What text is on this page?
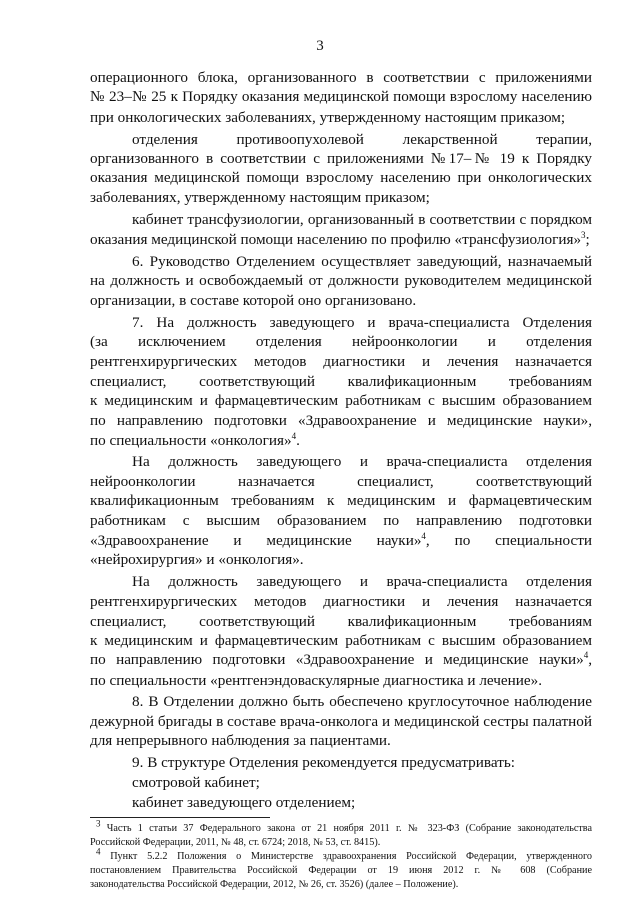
3
операционного блока, организованного в соответствии с приложениями
№ 23–№ 25 к Порядку оказания медицинской помощи взрослому населению
при онкологических заболеваниях, утвержденному настоящим приказом;
отделения противоопухолевой лекарственной терапии,
организованного в соответствии с приложениями №17–№ 19 к Порядку
оказания медицинской помощи взрослому населению при онкологических
заболеваниях, утвержденному настоящим приказом;
кабинет трансфузиологии, организованный в соответствии с порядком
оказания медицинской помощи населению по профилю «трансфузиология»$^3$;
6. Руководство Отделением осуществляет заведующий, назначаемый
на должность и освобождаемый от должности руководителем медицинской
организации, в составе которой оно организовано.
7. На должность заведующего и врача-специалиста Отделения
(за исключением отделения нейроонкологии и отделения
рентгенхирургических методов диагностики и лечения назначается
специалист, соответствующий квалификационным требованиям
к медицинским и фармацевтическим работникам с высшим образованием
по направлению подготовки «Здравоохранение и медицинские науки»,
по специальности «онкология»$^4$.
На должность заведующего и врача-специалиста отделения
нейроонкологии назначается специалист, соответствующий
квалификационным требованиям к медицинским и фармацевтическим
работникам с высшим образованием по направлению подготовки
«Здравоохранение и медицинские науки»$^4$, по специальности
«нейрохирургия» и «онкология».
На должность заведующего и врача-специалиста отделения
рентгенхирургических методов диагностики и лечения назначается
специалист, соответствующий квалификационным требованиям
к медицинским и фармацевтическим работникам с высшим образованием
по направлению подготовки «Здравоохранение и медицинские науки»$^4$,
по специальности «рентгенэндоваскулярные диагностика и лечение».
8. В Отделении должно быть обеспечено круглосуточное наблюдение
дежурной бригады в составе врача-онколога и медицинской сестры палатной
для непрерывного наблюдения за пациентами.
9. В структуре Отделения рекомендуется предусматривать:
смотровой кабинет;
кабинет заведующего отделением;
$^3$ Часть 1 статьи 37 Федерального закона от 21 ноября 2011 г. № 323-ФЗ (Собрание законодательства
Российской Федерации, 2011, № 48, ст. 6724; 2018, № 53, ст. 8415).
$^4$ Пункт 5.2.2 Положения о Министерстве здравоохранения Российской Федерации, утвержденного
постановлением Правительства Российской Федерации от 19 июня 2012 г. № 608 (Собрание
законодательства Российской Федерации, 2012, № 26, ст. 3526) (далее – Положение).
